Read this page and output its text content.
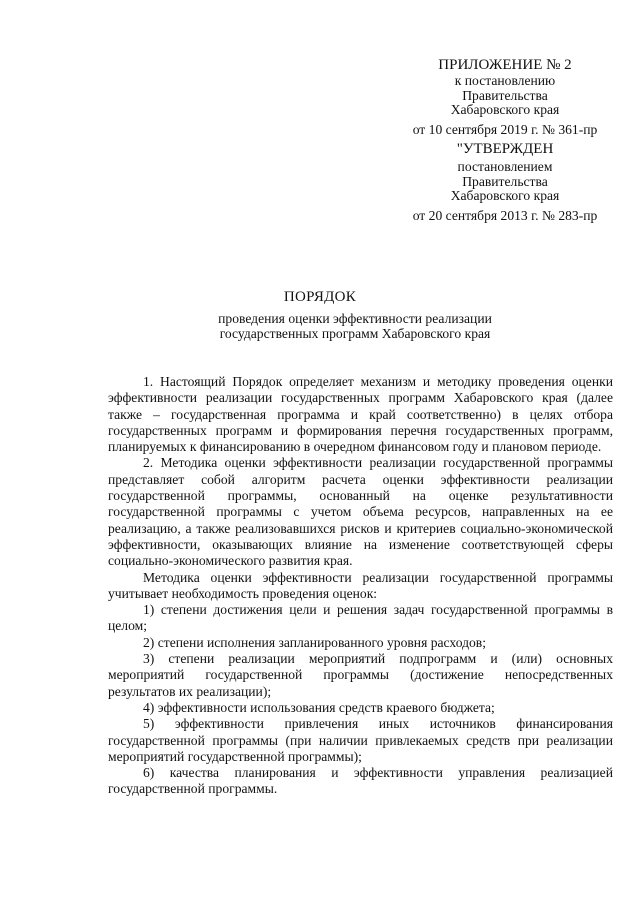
ПРИЛОЖЕНИЕ № 2
к постановлению
Правительства
Хабаровского края
от 10 сентября 2019 г. № 361-пр
"УТВЕРЖДЕН
постановлением
Правительства
Хабаровского края
от 20 сентября 2013 г. № 283-пр
ПОРЯДОК
проведения оценки эффективности реализации
государственных программ Хабаровского края

1. Настоящий Порядок определяет механизм и методику проведения оценки эффективности реализации государственных программ Хабаровского края (далее также – государственная программа и край соответственно) в целях отбора государственных программ и формирования перечня государственных программ, планируемых к финансированию в очередном финансовом году и плановом периоде.

2. Методика оценки эффективности реализации государственной программы представляет собой алгоритм расчета оценки эффективности реализации государственной программы, основанный на оценке результативности государственной программы с учетом объема ресурсов, направленных на ее реализацию, а также реализовавшихся рисков и критериев социально-экономической эффективности, оказывающих влияние на изменение соответствующей сферы социально-экономического развития края.

Методика оценки эффективности реализации государственной программы учитывает необходимость проведения оценок:

1) степени достижения цели и решения задач государственной программы в целом;

2) степени исполнения запланированного уровня расходов;

3) степени реализации мероприятий подпрограмм и (или) основных мероприятий государственной программы (достижение непосредственных результатов их реализации);

4) эффективности использования средств краевого бюджета;

5) эффективности привлечения иных источников финансирования государственной программы (при наличии привлекаемых средств при реализации мероприятий государственной программы);

6) качества планирования и эффективности управления реализацией государственной программы.
